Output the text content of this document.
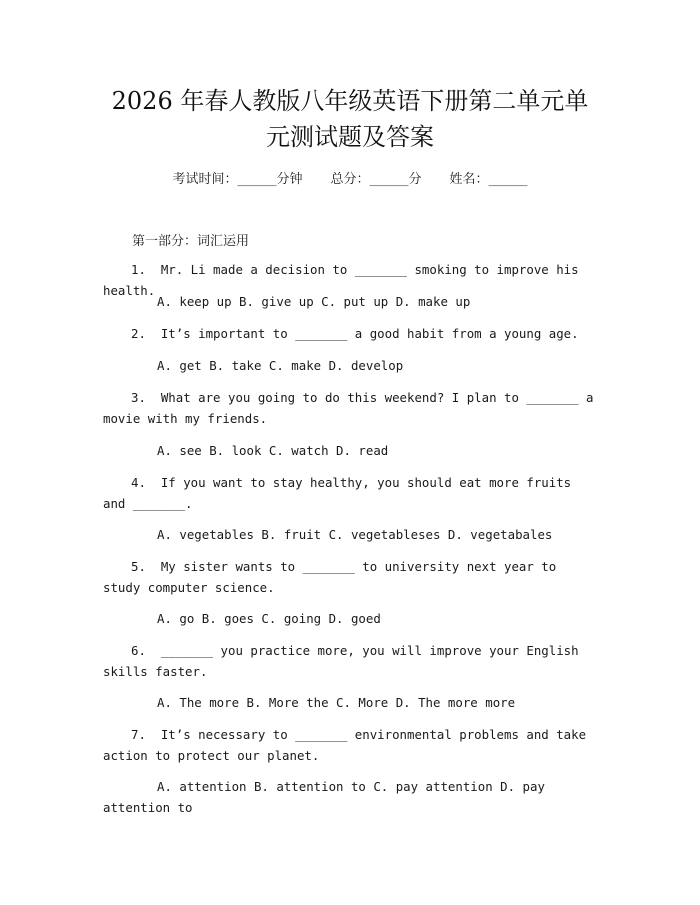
2026 年春人教版八年级英语下册第二单元单
元测试题及答案
考试时间：______分钟 总分：______分 姓名：______
第一部分：词汇运用
1. Mr. Li made a decision to _______ smoking to improve his health.
A. keep up B. give up C. put up D. make up
2. It’s important to _______ a good habit from a young age.
A. get B. take C. make D. develop
3. What are you going to do this weekend? I plan to _______ a movie with my friends.
A. see B. look C. watch D. read
4. If you want to stay healthy, you should eat more fruits and _______.
A. vegetables B. fruit C. vegetableses D. vegetabales
5. My sister wants to _______ to university next year to study computer science.
A. go B. goes C. going D. goed
6. _______ you practice more, you will improve your English skills faster.
A. The more B. More the C. More D. The more more
7. It’s necessary to _______ environmental problems and take action to protect our planet.
A. attention B. attention to C. pay attention D. pay attention to
